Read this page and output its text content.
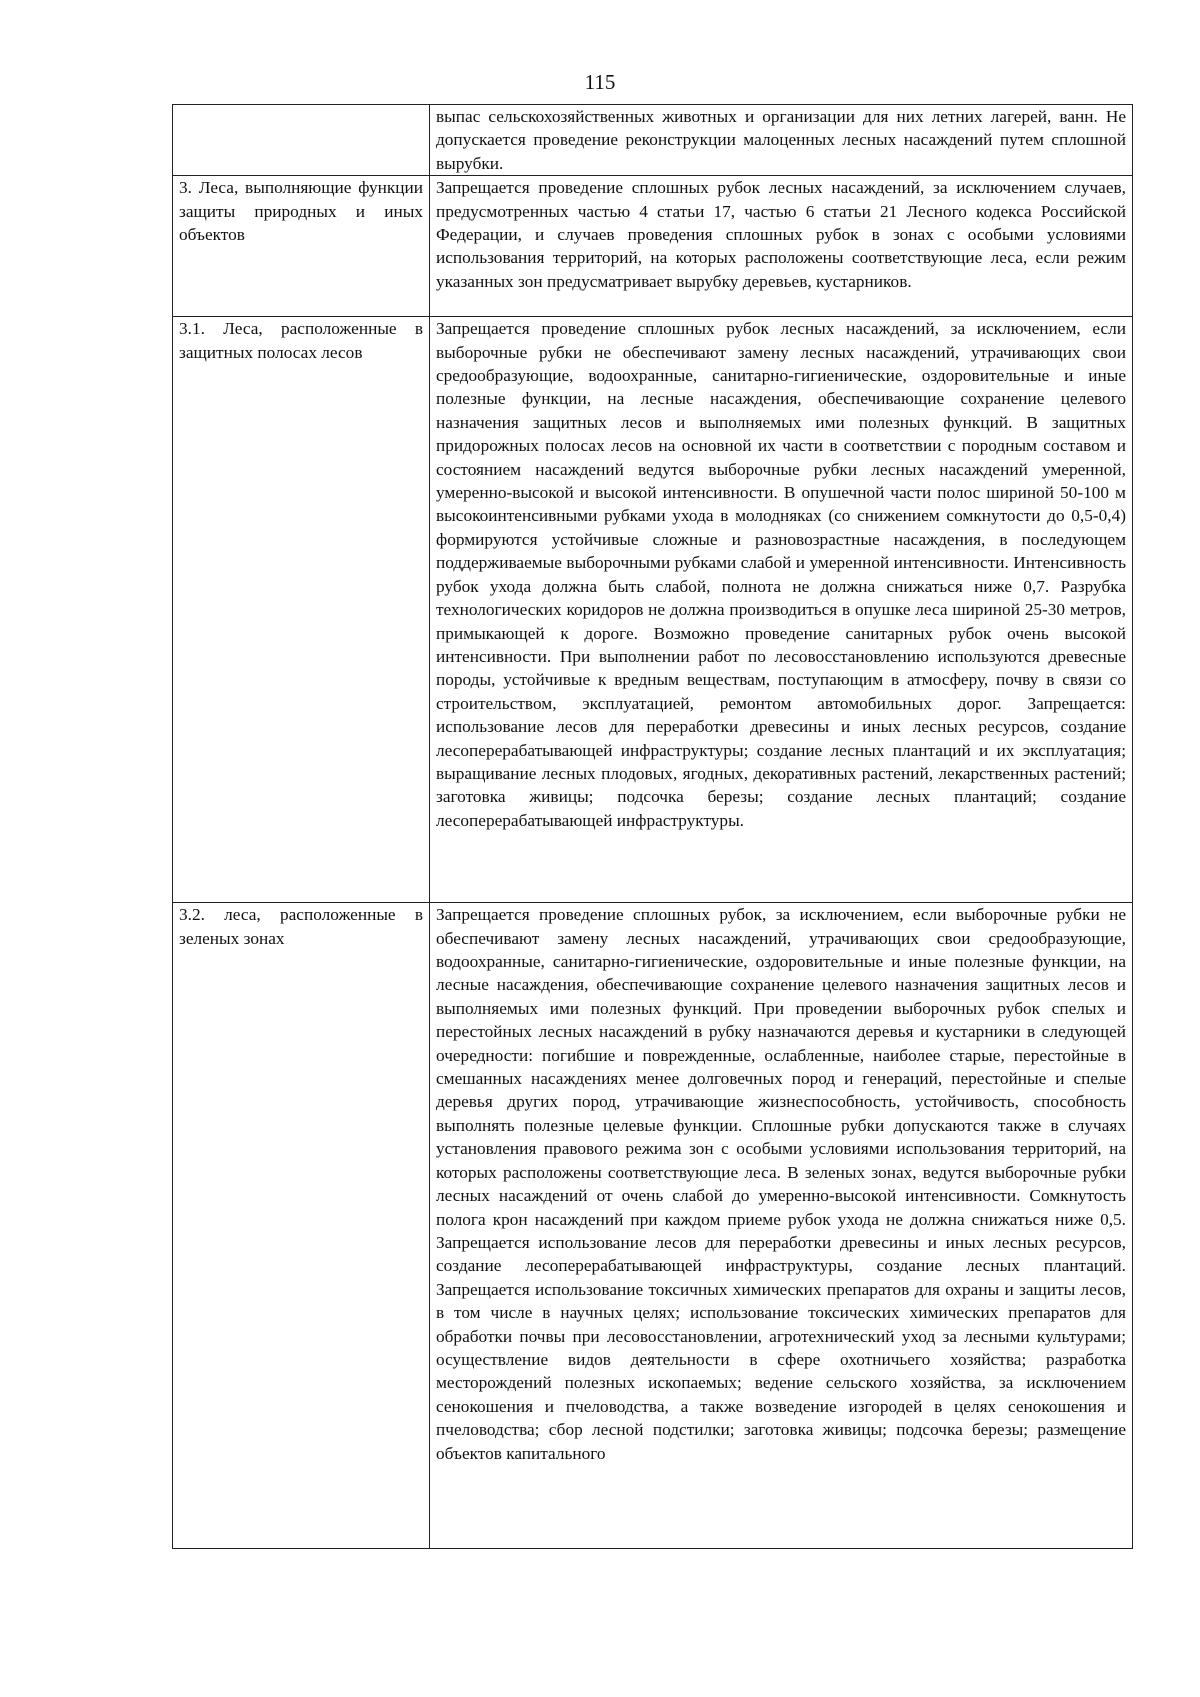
115

	выпас сельскохозяйственных животных и организации для них летних лагерей, ванн. Не допускается проведение реконструкции малоценных лесных насаждений путем сплошной вырубки.

3. Леса, выполняющие функции защиты природных и иных объектов	Запрещается проведение сплошных рубок лесных насаждений, за исключением случаев, предусмотренных частью 4 статьи 17, частью 6 статьи 21 Лесного кодекса Российской Федерации, и случаев проведения сплошных рубок в зонах с особыми условиями использования территорий, на которых расположены соответствующие леса, если режим указанных зон предусматривает вырубку деревьев, кустарников.

3.1. Леса, расположенные в защитных полосах лесов	Запрещается проведение сплошных рубок лесных насаждений, за исключением, если выборочные рубки не обеспечивают замену лесных насаждений, утрачивающих свои средообразующие, водоохранные, санитарно-гигиенические, оздоровительные и иные полезные функции, на лесные насаждения, обеспечивающие сохранение целевого назначения защитных лесов и выполняемых ими полезных функций. В защитных придорожных полосах лесов на основной их части в соответствии с породным составом и состоянием насаждений ведутся выборочные рубки лесных насаждений умеренной, умеренно-высокой и высокой интенсивности. В опушечной части полос шириной 50-100 м высокоинтенсивными рубками ухода в молодняках (со снижением сомкнутости до 0,5-0,4) формируются устойчивые сложные и разновозрастные насаждения, в последующем поддерживаемые выборочными рубками слабой и умеренной интенсивности. Интенсивность рубок ухода должна быть слабой, полнота не должна снижаться ниже 0,7. Разрубка технологических коридоров не должна производиться в опушке леса шириной 25-30 метров, примыкающей к дороге. Возможно проведение санитарных рубок очень высокой интенсивности. При выполнении работ по лесовосстановлению используются древесные породы, устойчивые к вредным веществам, поступающим в атмосферу, почву в связи со строительством, эксплуатацией, ремонтом автомобильных дорог. Запрещается: использование лесов для переработки древесины и иных лесных ресурсов, создание лесоперерабатывающей инфраструктуры; создание лесных плантаций и их эксплуатация; выращивание лесных плодовых, ягодных, декоративных растений, лекарственных растений; заготовка живицы; подсочка березы; создание лесных плантаций; создание лесоперерабатывающей инфраструктуры.

3.2. леса, расположенные в зеленых зонах	Запрещается проведение сплошных рубок, за исключением, если выборочные рубки не обеспечивают замену лесных насаждений, утрачивающих свои средообразующие, водоохранные, санитарно-гигиенические, оздоровительные и иные полезные функции, на лесные насаждения, обеспечивающие сохранение целевого назначения защитных лесов и выполняемых ими полезных функций. При проведении выборочных рубок спелых и перестойных лесных насаждений в рубку назначаются деревья и кустарники в следующей очередности: погибшие и поврежденные, ослабленные, наиболее старые, перестойные в смешанных насаждениях менее долговечных пород и генераций, перестойные и спелые деревья других пород, утрачивающие жизнеспособность, устойчивость, способность выполнять полезные целевые функции. Сплошные рубки допускаются также в случаях установления правового режима зон с особыми условиями использования территорий, на которых расположены соответствующие леса. В зеленых зонах, ведутся выборочные рубки лесных насаждений от очень слабой до умеренно-высокой интенсивности. Сомкнутость полога крон насаждений при каждом приеме рубок ухода не должна снижаться ниже 0,5. Запрещается использование лесов для переработки древесины и иных лесных ресурсов, создание лесоперерабатывающей инфраструктуры, создание лесных плантаций. Запрещается использование токсичных химических препаратов для охраны и защиты лесов, в том числе в научных целях; использование токсических химических препаратов для обработки почвы при лесовосстановлении, агротехнический уход за лесными культурами; осуществление видов деятельности в сфере охотничьего хозяйства; разработка месторождений полезных ископаемых; ведение сельского хозяйства, за исключением сенокошения и пчеловодства, а также возведение изгородей в целях сенокошения и пчеловодства; сбор лесной подстилки; заготовка живицы; подсочка березы; размещение объектов капитального
